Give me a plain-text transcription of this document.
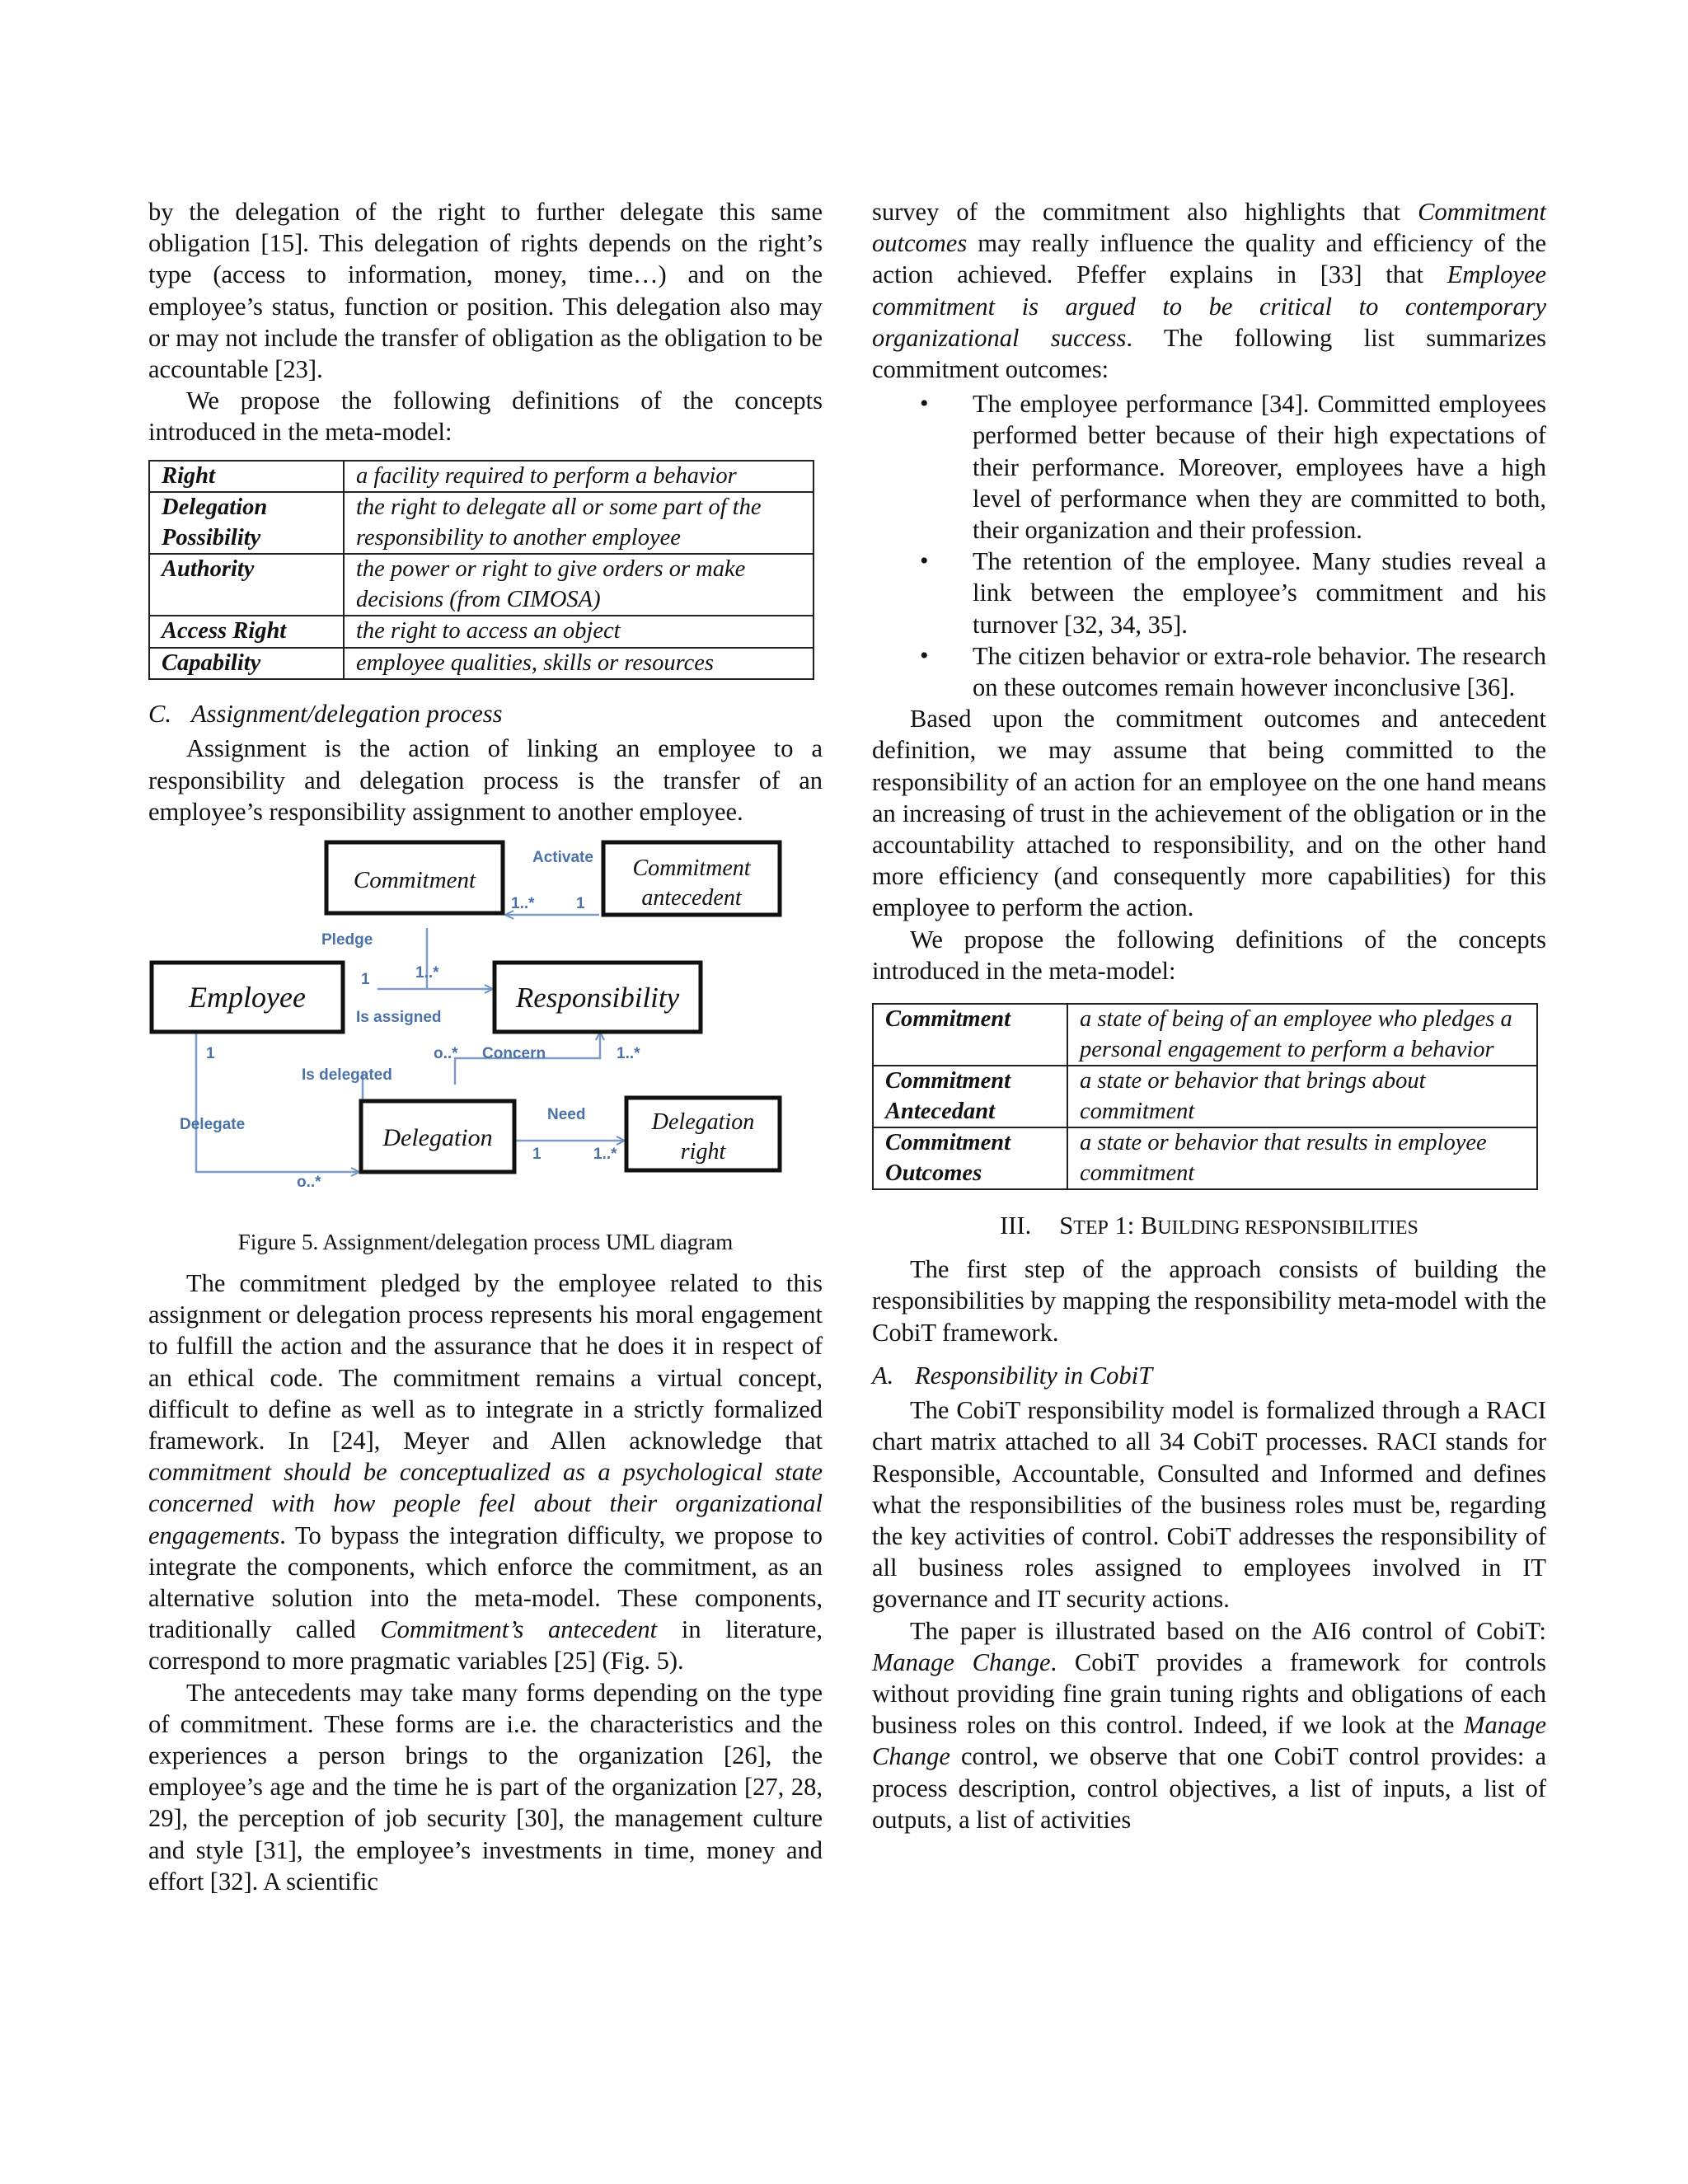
by the delegation of the right to further delegate this same obligation [15]. This delegation of rights depends on the right’s type (access to information, money, time…) and on the employee’s status, function or position. This delegation also may or may not include the transfer of obligation as the obligation to be accountable [23].

We propose the following definitions of the concepts introduced in the meta-model:

Right	a facility required to perform a behavior
Delegation Possibility	the right to delegate all or some part of the responsibility to another employee
Authority	the power or right to give orders or make decisions (from CIMOSA)
Access Right	the right to access an object
Capability	employee qualities, skills or resources
C. Assignment/delegation process

Assignment is the action of linking an employee to a responsibility and delegation process is the transfer of an employee’s responsibility assignment to another employee.

Commitment	Commitment
antecedent
Employee	Responsibility
Delegation
Delegation
right
Activate
1..*	1
Pledge
1	1..*
Is assigned
o..* Concern	1..*
1
Is delegated
Delegate
o..*
Need
1	1..*
Figure 5. Assignment/delegation process UML diagram

The commitment pledged by the employee related to this assignment or delegation process represents his moral engagement to fulfill the action and the assurance that he does it in respect of an ethical code. The commitment remains a virtual concept, difficult to define as well as to integrate in a strictly formalized framework. In [24], Meyer and Allen acknowledge that commitment should be conceptualized as a psychological state concerned with how people feel about their organizational engagements. To bypass the integration difficulty, we propose to integrate the components, which enforce the commitment, as an alternative solution into the meta-model. These components, traditionally called Commitment’s antecedent in literature, correspond to more pragmatic variables [25] (Fig. 5).

The antecedents may take many forms depending on the type of commitment. These forms are i.e. the characteristics and the experiences a person brings to the organization [26], the employee’s age and the time he is part of the organization [27, 28, 29], the perception of job security [30], the management culture and style [31], the employee’s investments in time, money and effort [32]. A scientific

survey of the commitment also highlights that Commitment outcomes may really influence the quality and efficiency of the action achieved. Pfeffer explains in [33] that Employee commitment is argued to be critical to contemporary organizational success. The following list summarizes commitment outcomes:

• The employee performance [34]. Committed employees performed better because of their high expectations of their performance. Moreover, employees have a high level of performance when they are committed to both, their organization and their profession.
• The retention of the employee. Many studies reveal a link between the employee’s commitment and his turnover [32, 34, 35].
• The citizen behavior or extra-role behavior. The research on these outcomes remain however inconclusive [36].

Based upon the commitment outcomes and antecedent definition, we may assume that being committed to the responsibility of an action for an employee on the one hand means an increasing of trust in the achievement of the obligation or in the accountability attached to responsibility, and on the other hand more efficiency (and consequently more capabilities) for this employee to perform the action.

We propose the following definitions of the concepts introduced in the meta-model:

Commitment	a state of being of an employee who pledges a personal engagement to perform a behavior
Commitment Antecedant	a state or behavior that brings about commitment
Commitment Outcomes	a state or behavior that results in employee commitment
III. STEP 1: BUILDING RESPONSIBILITIES

The first step of the approach consists of building the responsibilities by mapping the responsibility meta-model with the CobiT framework.

A. Responsibility in CobiT

The CobiT responsibility model is formalized through a RACI chart matrix attached to all 34 CobiT processes. RACI stands for Responsible, Accountable, Consulted and Informed and defines what the responsibilities of the business roles must be, regarding the key activities of control. CobiT addresses the responsibility of all business roles assigned to employees involved in IT governance and IT security actions.

The paper is illustrated based on the AI6 control of CobiT: Manage Change. CobiT provides a framework for controls without providing fine grain tuning rights and obligations of each business roles on this control. Indeed, if we look at the Manage Change control, we observe that one CobiT control provides: a process description, control objectives, a list of inputs, a list of outputs, a list of activities
